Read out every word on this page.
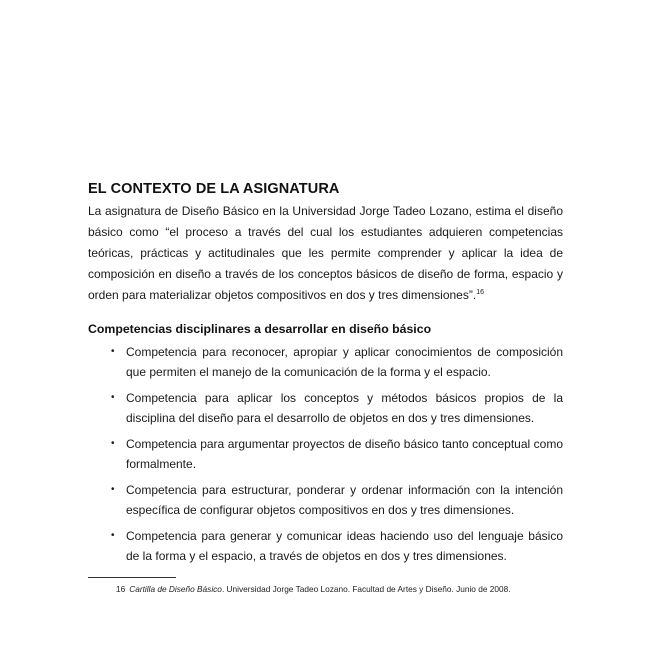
EL CONTEXTO DE LA ASIGNATURA

La asignatura de Diseño Básico en la Universidad Jorge Tadeo Lozano, estima el diseño básico como “el proceso a través del cual los estudiantes adquieren competencias teóricas, prácticas y actitudinales que les permite comprender y aplicar la idea de composición en diseño a través de los conceptos básicos de diseño de forma, espacio y orden para materializar objetos compositivos en dos y tres dimensiones”.$^{16}$

Competencias disciplinares a desarrollar en diseño básico
• Competencia para reconocer, apropiar y aplicar conocimientos de composición que permiten el manejo de la comunicación de la forma y el espacio.
• Competencia para aplicar los conceptos y métodos básicos propios de la disciplina del diseño para el desarrollo de objetos en dos y tres dimensiones.
• Competencia para argumentar proyectos de diseño básico tanto conceptual como formalmente.
• Competencia para estructurar, ponderar y ordenar información con la intención específica de configurar objetos compositivos en dos y tres dimensiones.
• Competencia para generar y comunicar ideas haciendo uso del lenguaje básico de la forma y el espacio, a través de objetos en dos y tres dimensiones.
16 Cartilla de Diseño Básico. Universidad Jorge Tadeo Lozano. Facultad de Artes y Diseño. Junio de 2008.
